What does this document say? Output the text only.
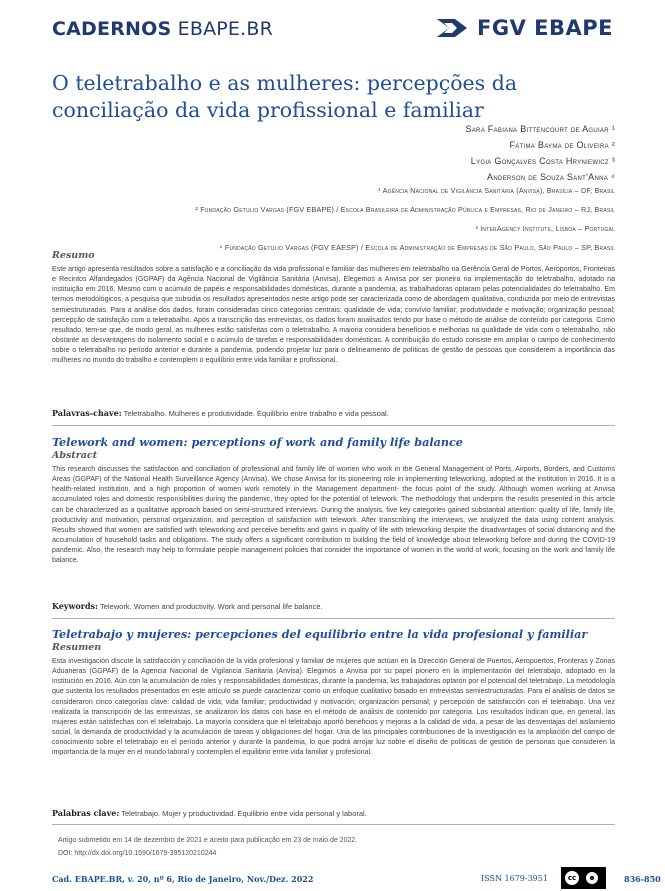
CADERNOS EBAPE.BR	FGV EBAPE
O teletrabalho e as mulheres: percepções da conciliação da vida profissional e familiar
Sara Fabiana Bittencourt de Aguiar ¹
Fátima Bayma de Oliveira ²
Lygia Gonçalves Costa Hryniewicz ³
Anderson de Souza Sant'Anna ⁴
¹ Agência Nacional de Vigilância Sanitária (Anvisa), Brasília – DF, Brasil
² Fundação Getulio Vargas (FGV EBAPE) / Escola Brasileira de Administração Pública e Empresas, Rio de Janeiro – RJ, Brasil
³ InterAgency Institute, Lisboa – Portugal
⁴ Fundação Getulio Vargas (FGV EAESP) / Escola de Administração de Empresas de São Paulo, São Paulo – SP, Brasil
Resumo
Este artigo apresenta resultados sobre a satisfação e a conciliação da vida profissional e familiar das mulheres em teletrabalho na Gerência Geral de Portos, Aeroportos, Fronteiras e Recintos Alfandegados (GGPAF) da Agência Nacional de Vigilância Sanitária (Anvisa). Elegemos a Anvisa por ser pioneira na implementação do teletrabalho, adotado na instituição em 2016. Mesmo com o acúmulo de papéis e responsabilidades domésticas, durante a pandemia, as trabalhadoras optaram pelas potencialidades do teletrabalho. Em termos metodológicos, a pesquisa que subsidia os resultados apresentados neste artigo pode ser caracterizada como de abordagem qualitativa, conduzida por meio de entrevistas semiestruturadas. Para a análise dos dados, foram consideradas cinco categorias centrais: qualidade de vida; convívio familiar; produtividade e motivação; organização pessoal; percepção de satisfação com o teletrabalho. Após a transcrição das entrevistas, os dados foram analisados tendo por base o método de análise de conteúdo por categoria. Como resultado, tem-se que, de modo geral, as mulheres estão satisfeitas com o teletrabalho. A maioria considera benefícios e melhorias na qualidade de vida com o teletrabalho, não obstante as desvantagens do isolamento social e o acúmulo de tarefas e responsabilidades domésticas. A contribuição do estudo consiste em ampliar o campo de conhecimento sobre o teletrabalho no período anterior e durante a pandemia, podendo projetar luz para o delineamento de políticas de gestão de pessoas que considerem a importância das mulheres no mundo do trabalho e contemplem o equilíbrio entre vida familiar e profissional.
Palavras-chave: Teletrabalho. Mulheres e produtividade. Equilíbrio entre trabalho e vida pessoal.
Telework and women: perceptions of work and family life balance
Abstract
This research discusses the satisfaction and conciliation of professional and family life of women who work in the General Management of Ports, Airports, Borders, and Customs Areas (GGPAF) of the National Health Surveillance Agency (Anvisa). We chose Anvisa for its pioneering role in implementing teleworking, adopted at the institution in 2016. It is a health-related institution, and a high proportion of women work remotely in the Management department- the focus point of the study. Although women working at Anvisa accumulated roles and domestic responsibilities during the pandemic, they opted for the potential of telework. The methodology that underpins the results presented in this article can be characterized as a qualitative approach based on semi-structured interviews. During the analysis, five key categories gained substantial attention: quality of life, family life, productivity and motivation, personal organization, and perception of satisfaction with telework. After transcribing the interviews, we analyzed the data using content analysis. Results showed that women are satisfied with teleworking and perceive benefits and gains in quality of life with teleworking despite the disadvantages of social distancing and the accumulation of household tasks and obligations. The study offers a significant contribution to building the field of knowledge about teleworking before and during the COVID-19 pandemic. Also, the research may help to formulate people management policies that consider the importance of women in the world of work, focusing on the work and family life balance.
Keywords: Telework. Women and productivity. Work and personal life balance.
Teletrabajo y mujeres: percepciones del equilibrio entre la vida profesional y familiar
Resumen
Esta investigación discute la satisfacción y conciliación de la vida profesional y familiar de mujeres que actúan en la Dirección General de Puertos, Aeropuertos, Fronteras y Zonas Aduaneras (GGPAF) de la Agencia Nacional de Vigilancia Sanitaria (Anvisa). Elegimos a Anvisa por su papel pionero en la implementación del teletrabajo, adoptado en la institución en 2016. Aún con la acumulación de roles y responsabilidades domésticas, durante la pandemia, las trabajadoras optaron por el potencial del teletrabajo. La metodología que sustenta los resultados presentados en este artículo se puede caracterizar como un enfoque cualitativo basado en entrevistas semiestructuradas. Para el análisis de datos se consideraron cinco categorías clave: calidad de vida; vida familiar; productividad y motivación; organización personal; y percepción de satisfacción con el teletrabajo. Una vez realizada la transcripción de las entrevistas, se analizaron los datos con base en el método de análisis de contenido por categoría. Los resultados indican que, en general, las mujeres están satisfechas con el teletrabajo. La mayoría considera que el teletrabajo aportó beneficios y mejoras a la calidad de vida, a pesar de las desventajas del aislamiento social, la demanda de productividad y la acumulación de tareas y obligaciones del hogar. Una de las principales contribuciones de la investigación es la ampliación del campo de conocimiento sobre el teletrabajo en el período anterior y durante la pandemia, lo que podrá arrojar luz sobre el diseño de políticas de gestión de personas que consideren la importancia de la mujer en el mundo laboral y contemplen el equilibrio entre vida familiar y profesional.
Palabras clave: Teletrabajo. Mujer y productividad. Equilibrio entre vida personal y laboral.
Artigo submetido em 14 de dezembro de 2021 e aceito para publicação em 23 de maio de 2022.
DOI: http://dx.doi.org/10.1590/1679-395120210244
Cad. EBAPE.BR, v. 20, nº 6, Rio de Janeiro, Nov./Dez. 2022	ISSN 1679-3951	cc	☻	836-850
